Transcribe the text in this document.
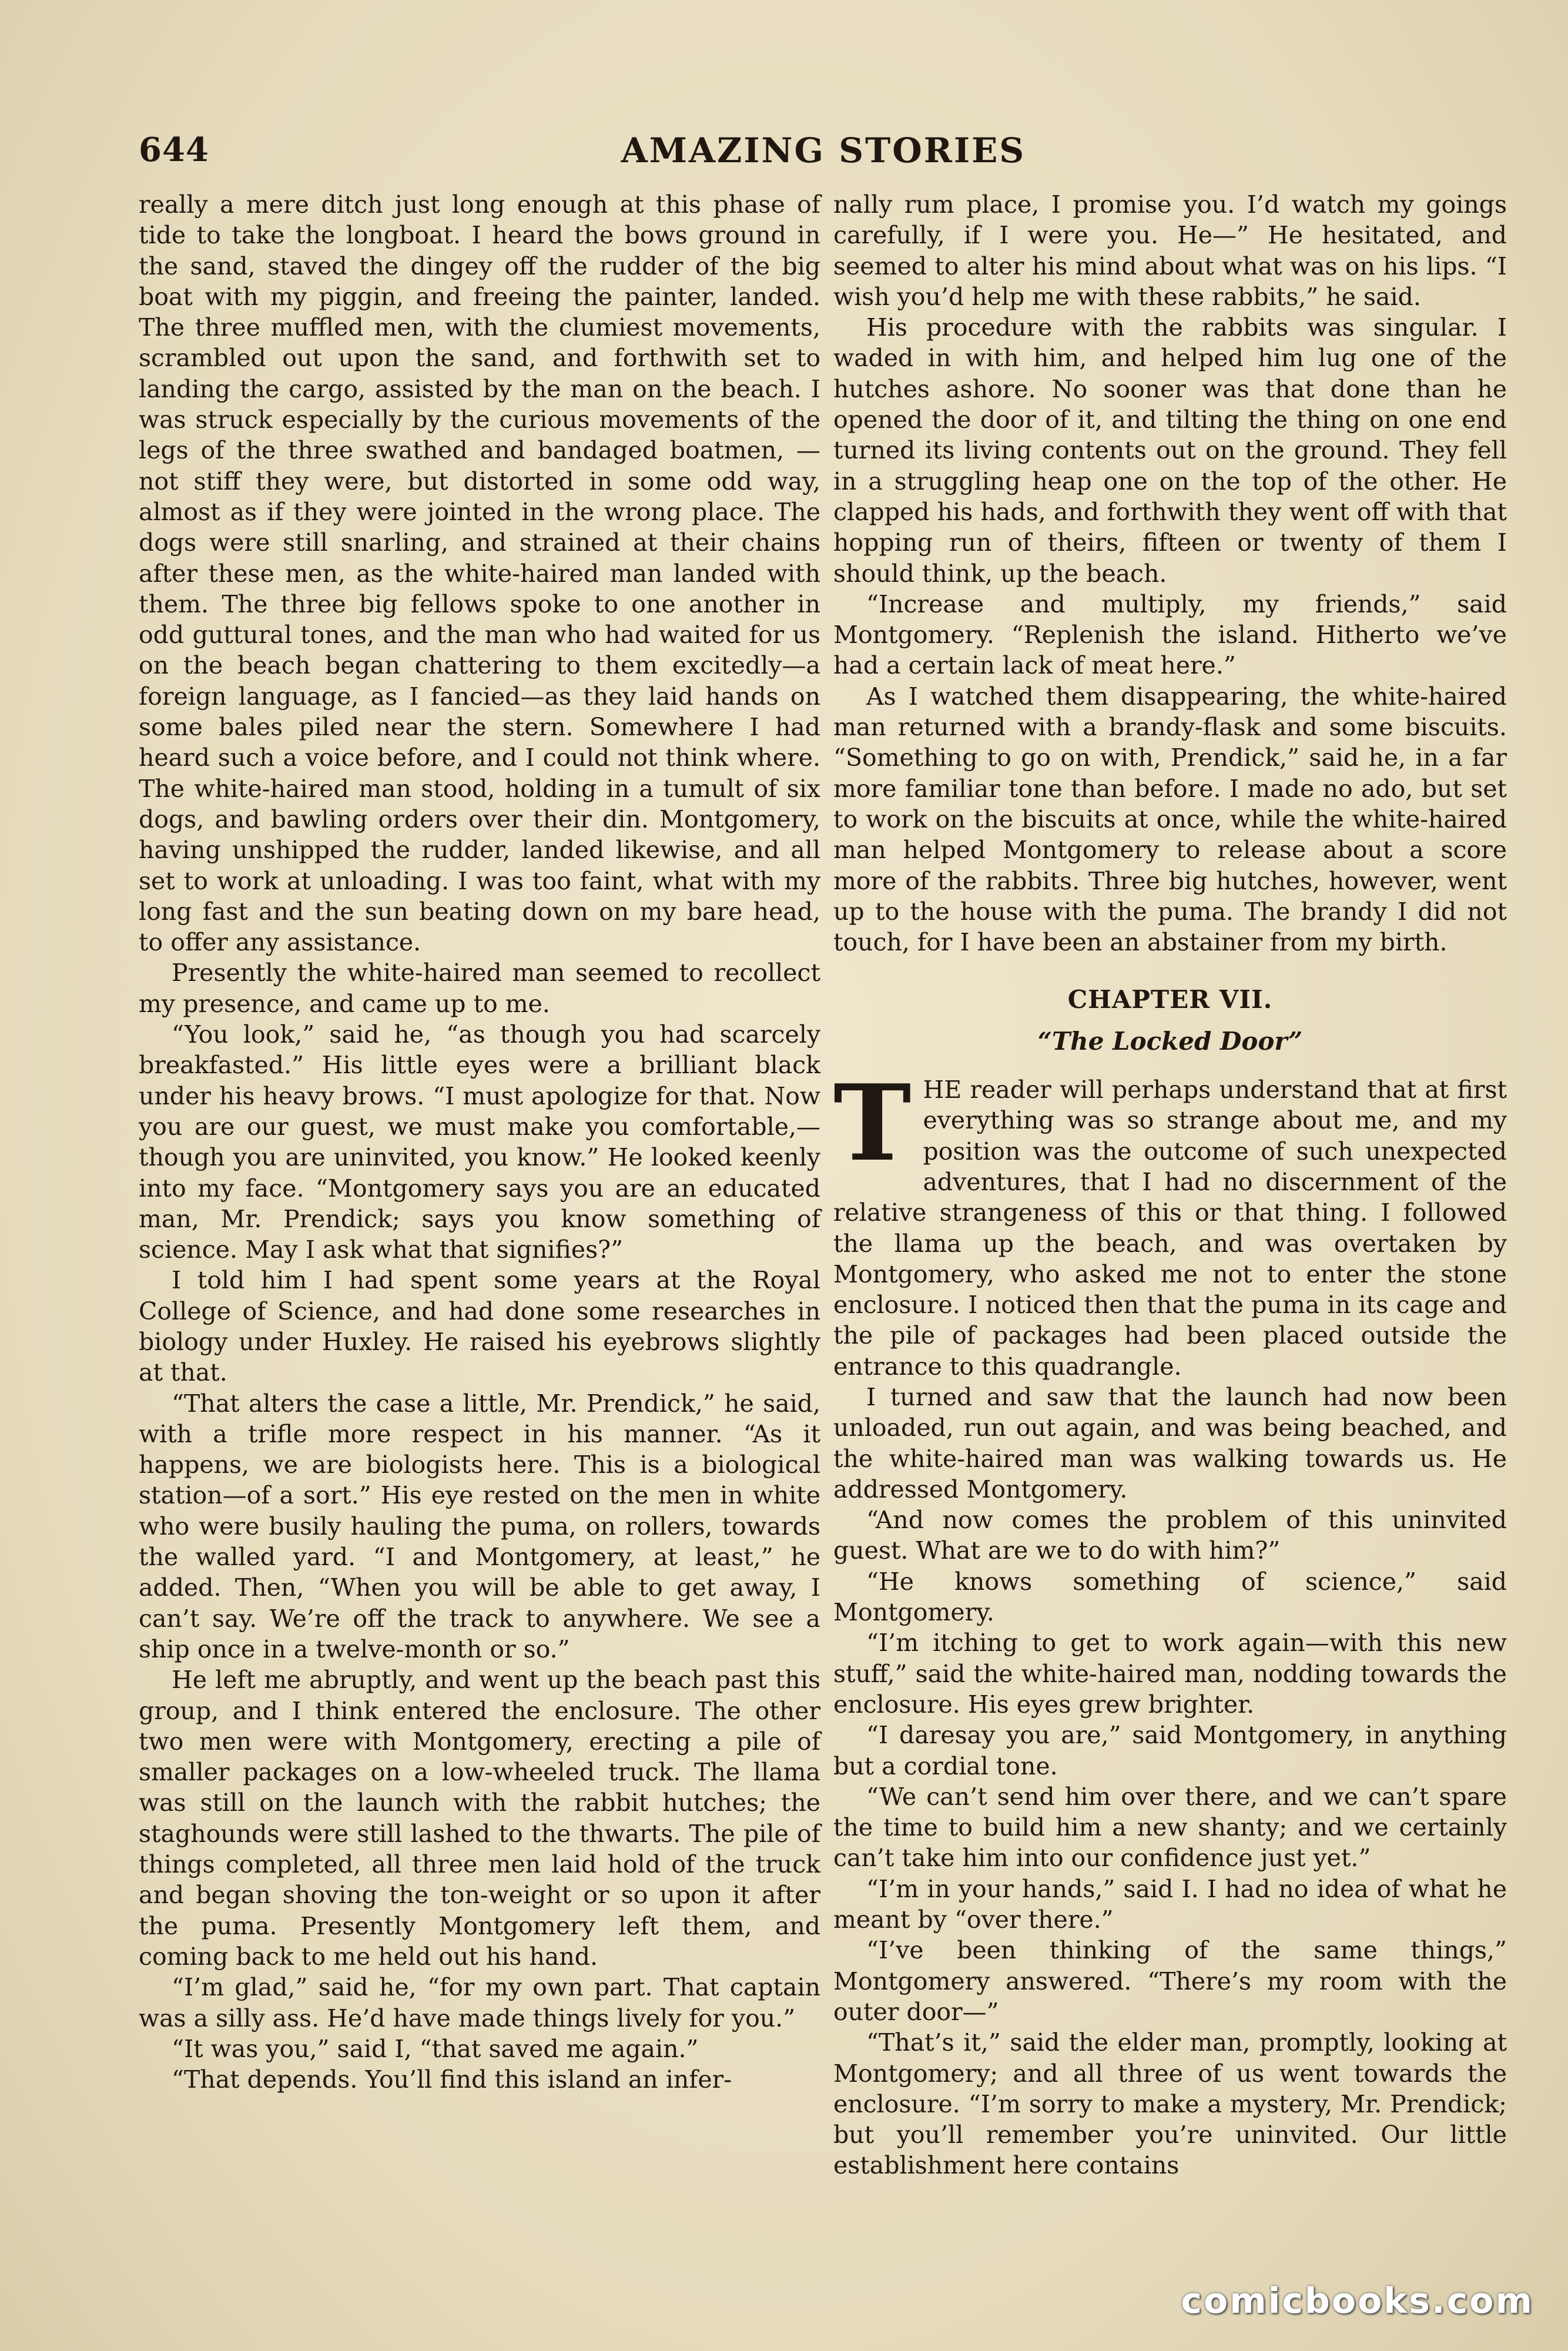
644	AMAZING STORIES

really a mere ditch just long enough at this phase of tide to take the longboat. I heard the bows ground in the sand, staved the dingey off the rudder of the big boat with my piggin, and freeing the painter, landed. The three muffled men, with the clumiest movements, scrambled out upon the sand, and forthwith set to landing the cargo, assisted by the man on the beach. I was struck especially by the curious movements of the legs of the three swathed and bandaged boatmen, — not stiff they were, but distorted in some odd way, almost as if they were jointed in the wrong place. The dogs were still snarling, and strained at their chains after these men, as the white-haired man landed with them. The three big fellows spoke to one another in odd guttural tones, and the man who had waited for us on the beach began chattering to them excitedly—a foreign language, as I fancied—as they laid hands on some bales piled near the stern. Somewhere I had heard such a voice before, and I could not think where. The white-haired man stood, holding in a tumult of six dogs, and bawling orders over their din. Montgomery, having unshipped the rudder, landed likewise, and all set to work at unloading. I was too faint, what with my long fast and the sun beating down on my bare head, to offer any assistance.

Presently the white-haired man seemed to recollect my presence, and came up to me.

“You look,” said he, “as though you had scarcely breakfasted.” His little eyes were a brilliant black under his heavy brows. “I must apologize for that. Now you are our guest, we must make you comfortable,—though you are uninvited, you know.” He looked keenly into my face. “Montgomery says you are an educated man, Mr. Prendick; says you know something of science. May I ask what that signifies?”

I told him I had spent some years at the Royal College of Science, and had done some researches in biology under Huxley. He raised his eyebrows slightly at that.

“That alters the case a little, Mr. Prendick,” he said, with a trifle more respect in his manner. “As it happens, we are biologists here. This is a biological station—of a sort.” His eye rested on the men in white who were busily hauling the puma, on rollers, towards the walled yard. “I and Montgomery, at least,” he added. Then, “When you will be able to get away, I can’t say. We’re off the track to anywhere. We see a ship once in a twelve-month or so.”

He left me abruptly, and went up the beach past this group, and I think entered the enclosure. The other two men were with Montgomery, erecting a pile of smaller packages on a low-wheeled truck. The llama was still on the launch with the rabbit hutches; the staghounds were still lashed to the thwarts. The pile of things completed, all three men laid hold of the truck and began shoving the ton-weight or so upon it after the puma. Presently Montgomery left them, and coming back to me held out his hand.

“I’m glad,” said he, “for my own part. That captain was a silly ass. He’d have made things lively for you.”

“It was you,” said I, “that saved me again.”

“That depends. You’ll find this island an infer-

nally rum place, I promise you. I’d watch my goings carefully, if I were you. He—” He hesitated, and seemed to alter his mind about what was on his lips. “I wish you’d help me with these rabbits,” he said.

His procedure with the rabbits was singular. I waded in with him, and helped him lug one of the hutches ashore. No sooner was that done than he opened the door of it, and tilting the thing on one end turned its living contents out on the ground. They fell in a struggling heap one on the top of the other. He clapped his hads, and forthwith they went off with that hopping run of theirs, fifteen or twenty of them I should think, up the beach.

“Increase and multiply, my friends,” said Montgomery. “Replenish the island. Hitherto we’ve had a certain lack of meat here.”

As I watched them disappearing, the white-haired man returned with a brandy-flask and some biscuits. “Something to go on with, Prendick,” said he, in a far more familiar tone than before. I made no ado, but set to work on the biscuits at once, while the white-haired man helped Montgomery to release about a score more of the rabbits. Three big hutches, however, went up to the house with the puma. The brandy I did not touch, for I have been an abstainer from my birth.

CHAPTER VII.
“The Locked Door”

THE reader will perhaps understand that at first everything was so strange about me, and my position was the outcome of such unexpected adventures, that I had no discernment of the relative strangeness of this or that thing. I followed the llama up the beach, and was overtaken by Montgomery, who asked me not to enter the stone enclosure. I noticed then that the puma in its cage and the pile of packages had been placed outside the entrance to this quadrangle.

I turned and saw that the launch had now been unloaded, run out again, and was being beached, and the white-haired man was walking towards us. He addressed Montgomery.

“And now comes the problem of this uninvited guest. What are we to do with him?”

“He knows something of science,” said Montgomery.

“I’m itching to get to work again—with this new stuff,” said the white-haired man, nodding towards the enclosure. His eyes grew brighter.

“I daresay you are,” said Montgomery, in anything but a cordial tone.

“We can’t send him over there, and we can’t spare the time to build him a new shanty; and we certainly can’t take him into our confidence just yet.”

“I’m in your hands,” said I. I had no idea of what he meant by “over there.”

“I’ve been thinking of the same things,” Montgomery answered. “There’s my room with the outer door—”

“That’s it,” said the elder man, promptly, looking at Montgomery; and all three of us went towards the enclosure. “I’m sorry to make a mystery, Mr. Prendick; but you’ll remember you’re uninvited. Our little establishment here contains

comicbooks.com
